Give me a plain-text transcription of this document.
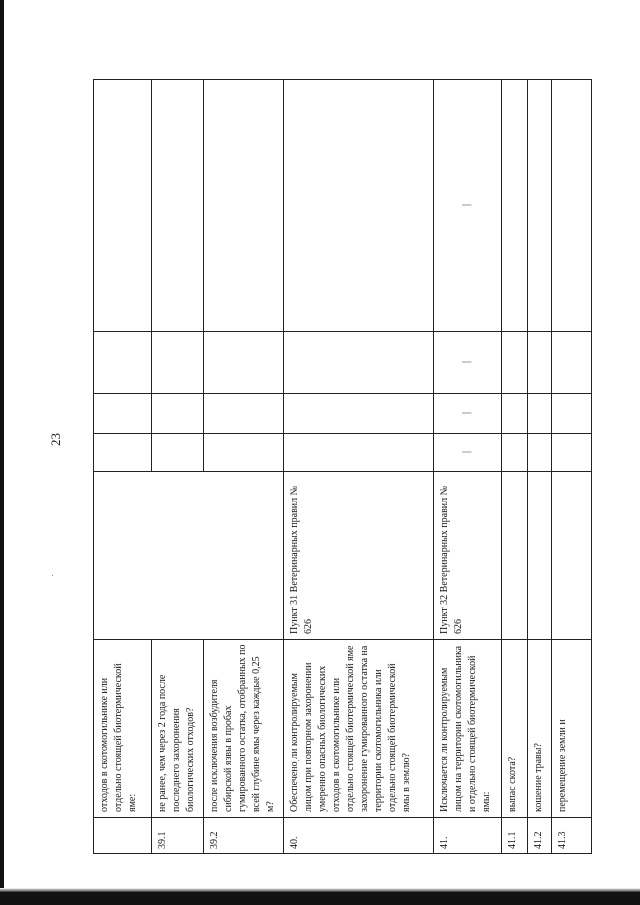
23
	отходов в скотомогильнике или отдельно стоящей биотермической яме:					
39.1	не ранее, чем через 2 года после последнего захоронения биологических отходов?					
39.2	после исключения возбудителя сибирской язвы в пробах гумированного остатка, отобранных по всей глубине ямы через каждые 0,25 м?					
40.	Обеспечено ли контролируемым лицом при повторном захоронении умеренно опасных биологических отходов в скотомогильнике или отдельно стоящей биотермической яме захоронение гумированного остатка на территории скотомогильника или отдельно стоящей биотермической ямы в землю?	Пункт 31 Ветеринарных правил № 626				
41.	Исключается ли контролируемым лицом на территории скотомогильника и отдельно стоящей биотермической ямы:	Пункт 32 Ветеринарных правил № 626	|	|	|	|
41.1	выпас скота?					
41.2	кошение травы?					
41.3	перемещение земли и					
